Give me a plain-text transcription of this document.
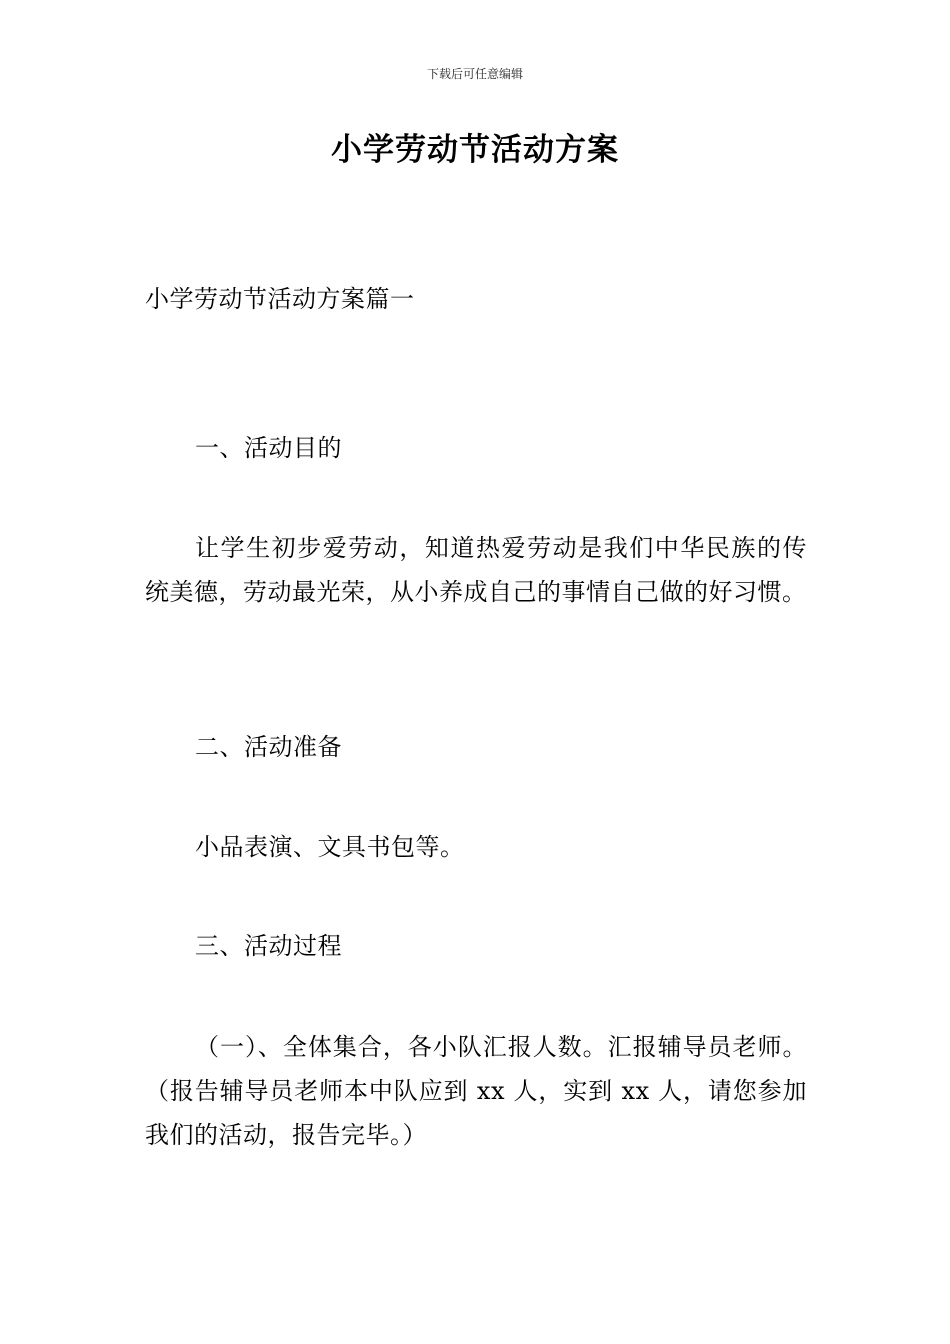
下载后可任意编辑
小学劳动节活动方案
小学劳动节活动方案篇一
一、活动目的
让学生初步爱劳动，知道热爱劳动是我们中华民族的传统美德，劳动最光荣，从小养成自己的事情自己做的好习惯。
二、活动准备
小品表演、文具书包等。
三、活动过程
（一）、全体集合，各小队汇报人数。汇报辅导员老师。（报告辅导员老师本中队应到 xx 人，实到 xx 人，请您参加我们的活动，报告完毕。）
